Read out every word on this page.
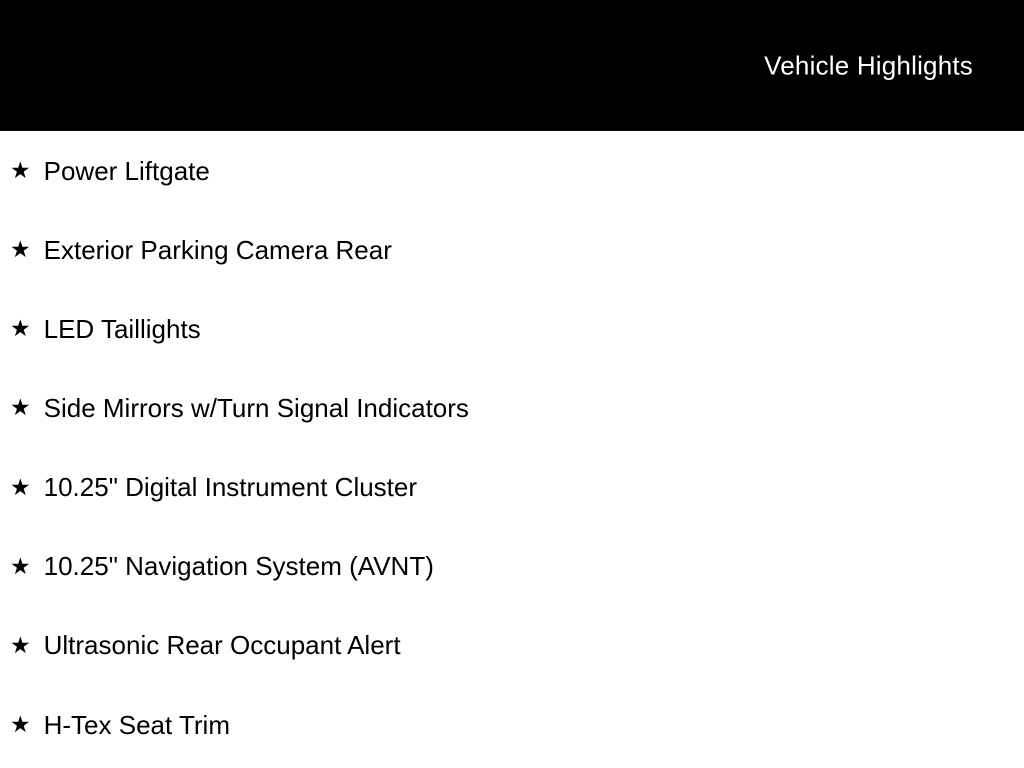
Vehicle Highlights
★ Power Liftgate
★ Exterior Parking Camera Rear
★ LED Taillights
★ Side Mirrors w/Turn Signal Indicators
★ 10.25" Digital Instrument Cluster
★ 10.25" Navigation System (AVNT)
★ Ultrasonic Rear Occupant Alert
★ H-Tex Seat Trim
